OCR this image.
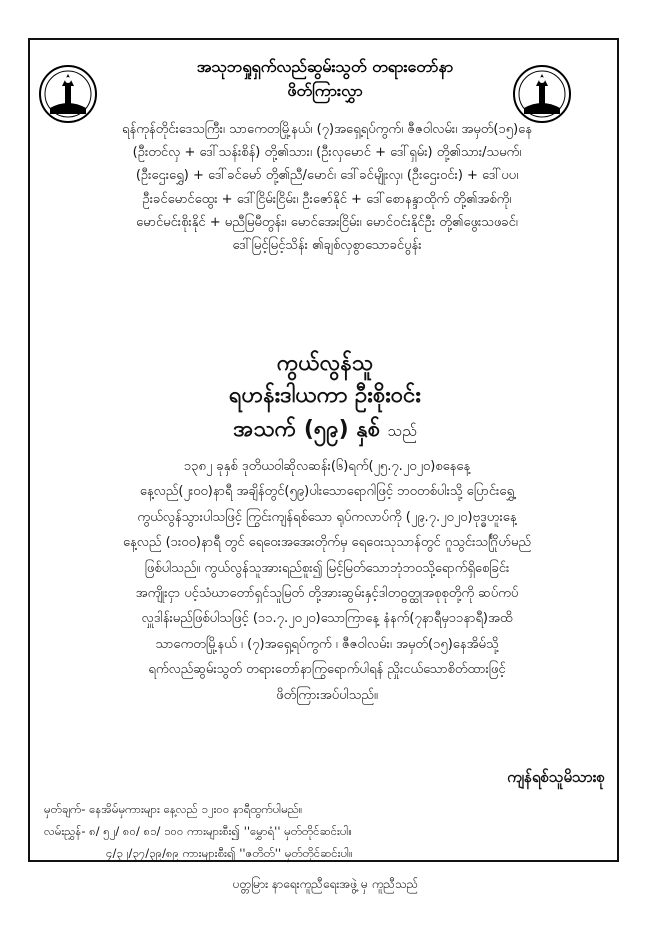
အသုဘရှုရှက်လည်ဆွမ်းသွတ် တရားတော်နာ
ဖိတ်ကြားလွှာ
ရန်ကုန်တိုင်းဒေသကြီး၊ သာကေတမြို့နယ်၊ (၇)အရှေ့ရပ်ကွက်၊ ဇီဇဝါလမ်း၊ အမှတ်(၁၅)နေ
(ဦးတင်လှ + ဒေါ်သန်းစိန်) တို့၏သား၊ (ဦးလှမောင် + ဒေါ်ရှမ်း) တို့၏သား/သမက်၊
(ဦးဌေးရွှေ) + ဒေါ်ခင်မော် တို့၏ညီ/မောင်၊ ဒေါ်ခင်မျိုးလှ၊ (ဦးဌေးဝင်း) + ဒေါ်ပပ၊
ဦးခင်မောင်ထွေး + ဒေါ်ငြိမ်းငြိမ်း၊ ဦးဇော်နိုင် + ဒေါ်စောနန္ဒာထိုက် တို့၏အစ်ကို၊
မောင်မင်းစိုးနိုင် + မညီမြမီတွန်း၊ မောင်အေးငြိမ်း၊ မောင်ဝင်းနိုင်ဦး တို့၏ဖွေးသဖခင်၊
ဒေါ်မြင့်မြင့်သိန်း ၏ချစ်လှစွာသောခင်ပွန်း
ကွယ်လွန်သူ
ရဟန်းဒါယကာ ဦးစိုးဝင်း
အသက် (၅၉) နှစ် သည်
၁၃၈၂ ခုနှစ် ဒုတိယဝါဆိုလဆန်း(၆)ရက်(၂၅.၇.၂၀၂၀)စနေနေ့
နေ့လည်(၂း၀၀)နာရီ အချိန်တွင်(၅၉)ပါးသောရောဂါဖြင့် ဘဝတစ်ပါးသို့ ပြောင်းရွှေ့
ကွယ်လွန်သွားပါသဖြင့် ကြွင်းကျန်ရစ်သော ရုပ်ကလာပ်ကို (၂၉.၇.၂၀၂၀)ဗုဒ္ဓဟူးနေ့
နေ့လည် (၁း၀၀)နာရီ တွင် ရေဝေးအအေးတိုက်မှ ရေဝေးသုသာန်တွင် ဂူသွင်းသင်္ဂြိုဟ်မည်
ဖြစ်ပါသည်။ ကွယ်လွန်သူအားရည်စူး၍ မြင့်မြတ်သောဘုံဘဝသို့ရောက်ရှိစေခြင်း
အကျိုးငှာ ပင့်သံဃာတော်ရှင်သူမြတ် တို့အားဆွမ်းနှင့်ဒါတဝ္ဗတ္ထုအစုစုတို့ကို ဆပ်ကပ်
လှူဒါန်းမည်ဖြစ်ပါသဖြင့် (၁၁.၇.၂၀၂၀)သောကြာနေ့ နံနက်(၇နာရီမှ၁၁နာရီ)အထိ
သာကေတမြို့နယ် ၊ (၇)အရှေ့ရပ်ကွက် ၊ ဇီဇဝါလမ်း၊ အမှတ်(၁၅)နေအိမ်သို့
ရက်လည်ဆွမ်းသွတ် တရားတော်နာကြွရောက်ပါရန် ညှိုးငယ်သောစိတ်ထားဖြင့်
ဖိတ်ကြားအပ်ပါသည်။
ကျန်ရစ်သူမိသားစု
မှတ်ချက်- နေအိမ်မှကားများ နေ့လည် ၁၂း၀၀ နာရီထွက်ပါမည်။
လမ်းညွှန်- ၈/ ၅၂/ ၈၀/ ၈၁/ ၁၀၀ ကားများစီး၍ ''မွှောရံ'' မှတ်တိုင်ဆင်းပါ။
၄/၃၂/၃၇/၃၉/၈၉ ကားများစီး၍ ''ဇတိတ်'' မှတ်တိုင်ဆင်းပါ။
ပတ္တမြား နာရေးကူညီရေးအဖွဲ့ မှ ကူညီသည်
